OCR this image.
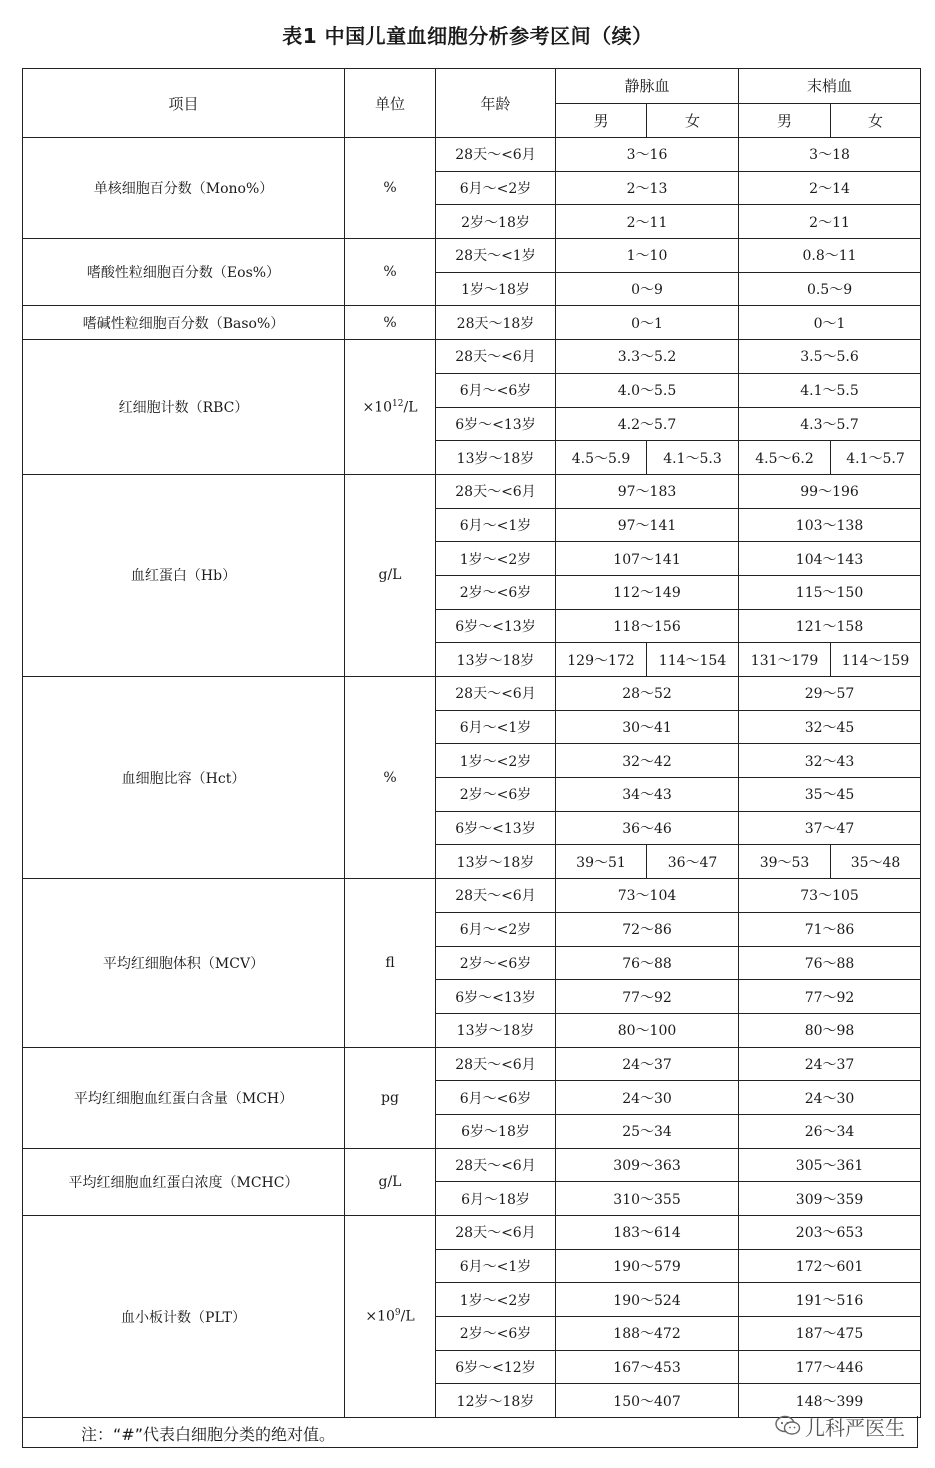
表1 中国儿童血细胞分析参考区间（续）
项目	单位	年龄	静脉血		末梢血	
			男	女	男	女
单核细胞百分数（Mono%）	%	28天～<6月	3～16		3～18	
		6月～<2岁	2～13		2～14	
		2岁～18岁	2～11		2～11	
嗜酸性粒细胞百分数（Eos%）	%	28天～<1岁	1～10		0.8～11	
		1岁～18岁	0～9		0.5～9	
嗜碱性粒细胞百分数（Baso%）	%	28天～18岁	0～1		0～1	
红细胞计数（RBC）	$\times 10^{12}/L$	28天～<6月	3.3～5.2		3.5～5.6	
		6月～<6岁	4.0～5.5		4.1～5.5	
		6岁～<13岁	4.2～5.7		4.3～5.7	
		13岁～18岁	4.5～5.9	4.1～5.3	4.5～6.2	4.1～5.7
血红蛋白（Hb）	g/L	28天～<6月	97～183		99～196	
		6月～<1岁	97～141		103～138	
		1岁～<2岁	107～141		104～143	
		2岁～<6岁	112～149		115～150	
		6岁～<13岁	118～156		121～158	
		13岁～18岁	129～172	114～154	131～179	114～159
血细胞比容（Hct）	%	28天～<6月	28～52		29～57	
		6月～<1岁	30～41		32～45	
		1岁～<2岁	32～42		32～43	
		2岁～<6岁	34～43		35～45	
		6岁～<13岁	36～46		37～47	
		13岁～18岁	39～51	36～47	39～53	35～48
平均红细胞体积（MCV）	fl	28天～<6月	73～104		73～105	
		6月～<2岁	72～86		71～86	
		2岁～<6岁	76～88		76～88	
		6岁～<13岁	77～92		77～92	
		13岁～18岁	80～100		80～98	
平均红细胞血红蛋白含量（MCH）	pg	28天～<6月	24～37		24～37	
		6月～<6岁	24～30		24～30	
		6岁～18岁	25～34		26～34	
平均红细胞血红蛋白浓度（MCHC）	g/L	28天～<6月	309～363		305～361	
		6月～18岁	310～355		309～359	
血小板计数（PLT）	$\times 10^9/L$	28天～<6月	183～614		203～653	
		6月～<1岁	190～579		172～601	
		1岁～<2岁	190～524		191～516	
		2岁～<6岁	188～472		187～475	
		6岁～<12岁	167～453		177～446	
		12岁～18岁	150～407		148～399	
注：“#”代表白细胞分类的绝对值。	儿科严医生
